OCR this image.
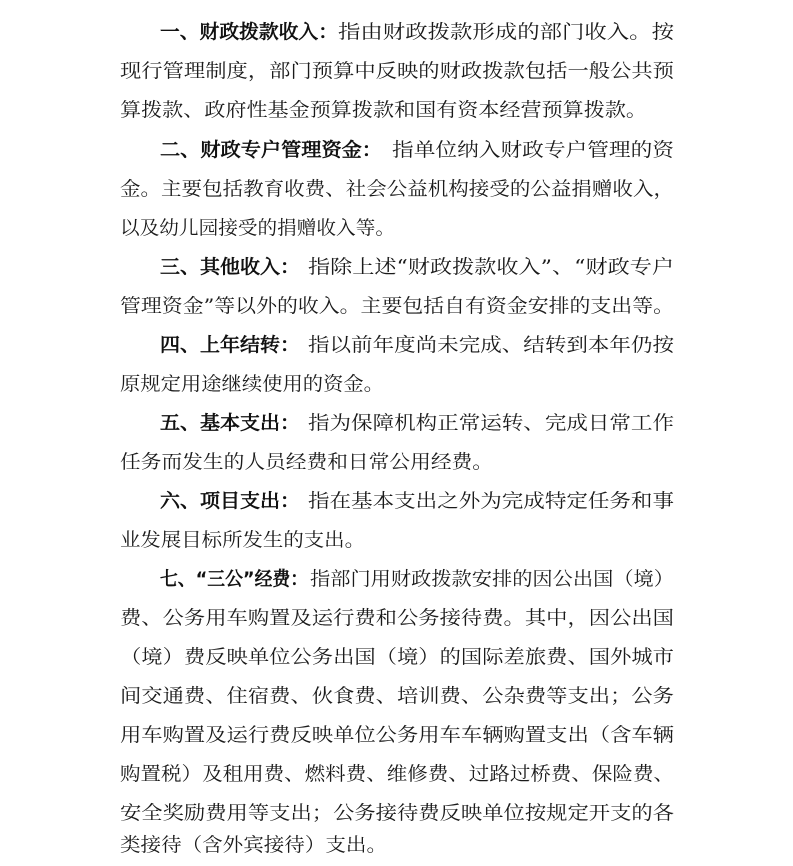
一、财政拨款收入： 指由财政拨款形成的部门收入。按
现行管理制度，部门预算中反映的财政拨款包括一般公共预
算拨款、政府性基金预算拨款和国有资本经营预算拨款。
二、财政专户管理资金： 指单位纳入财政专户管理的资
金。主要包括教育收费、社会公益机构接受的公益捐赠收入，
以及幼儿园接受的捐赠收入等。
三、其他收入： 指除上述“财政拨款收入”、“财政专户
管理资金”等以外的收入。主要包括自有资金安排的支出等。
四、上年结转： 指以前年度尚未完成、结转到本年仍按
原规定用途继续使用的资金。
五、基本支出： 指为保障机构正常运转、完成日常工作
任务而发生的人员经费和日常公用经费。
六、项目支出： 指在基本支出之外为完成特定任务和事
业发展目标所发生的支出。
七、“三公”经费： 指部门用财政拨款安排的因公出国（境）
费、公务用车购置及运行费和公务接待费。其中，因公出国
（境）费反映单位公务出国（境）的国际差旅费、国外城市
间交通费、住宿费、伙食费、培训费、公杂费等支出；公务
用车购置及运行费反映单位公务用车车辆购置支出（含车辆
购置税）及租用费、燃料费、维修费、过路过桥费、保险费、
安全奖励费用等支出；公务接待费反映单位按规定开支的各
类接待（含外宾接待）支出。
